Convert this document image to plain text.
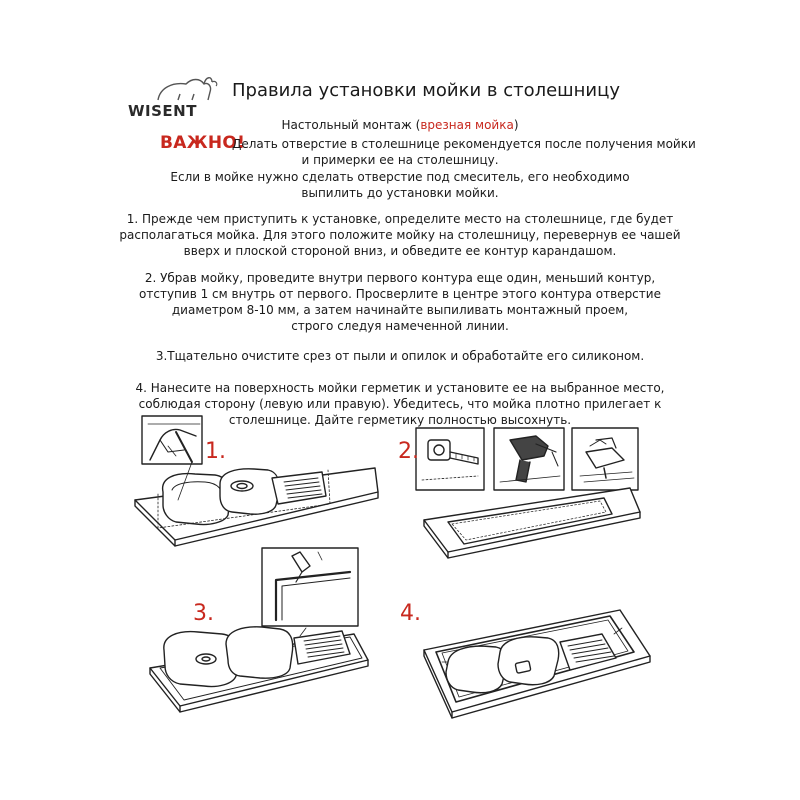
WISENT
Правила установки мойки в столешницу
Настольный монтаж (врезная мойка)
ВАЖНО!
Делать отверстие в столешнице рекомендуется после получения мойки
и примерки ее на столешницу.
Если в мойке нужно сделать отверстие под смеситель, его необходимо
выпилить до установки мойки.
1. Прежде чем приступить к установке, определите место на столешнице, где будет
располагаться мойка. Для этого положите мойку на столешницу, перевернув ее чашей
вверх и плоской стороной вниз, и обведите ее контур карандашом.
2. Убрав мойку, проведите внутри первого контура еще один, меньший контур,
отступив 1 см внутрь от первого. Просверлите в центре этого контура отверстие
диаметром 8-10 мм, а затем начинайте выпиливать монтажный проем,
строго следуя намеченной линии.
3.Тщательно очистите срез от пыли и опилок и обработайте его силиконом.
4. Нанесите на поверхность мойки герметик и установите ее на выбранное место,
соблюдая сторону (левую или правую). Убедитесь, что мойка плотно прилегает к
столешнице. Дайте герметику полностью высохнуть.
1.	2.
3.	4.
